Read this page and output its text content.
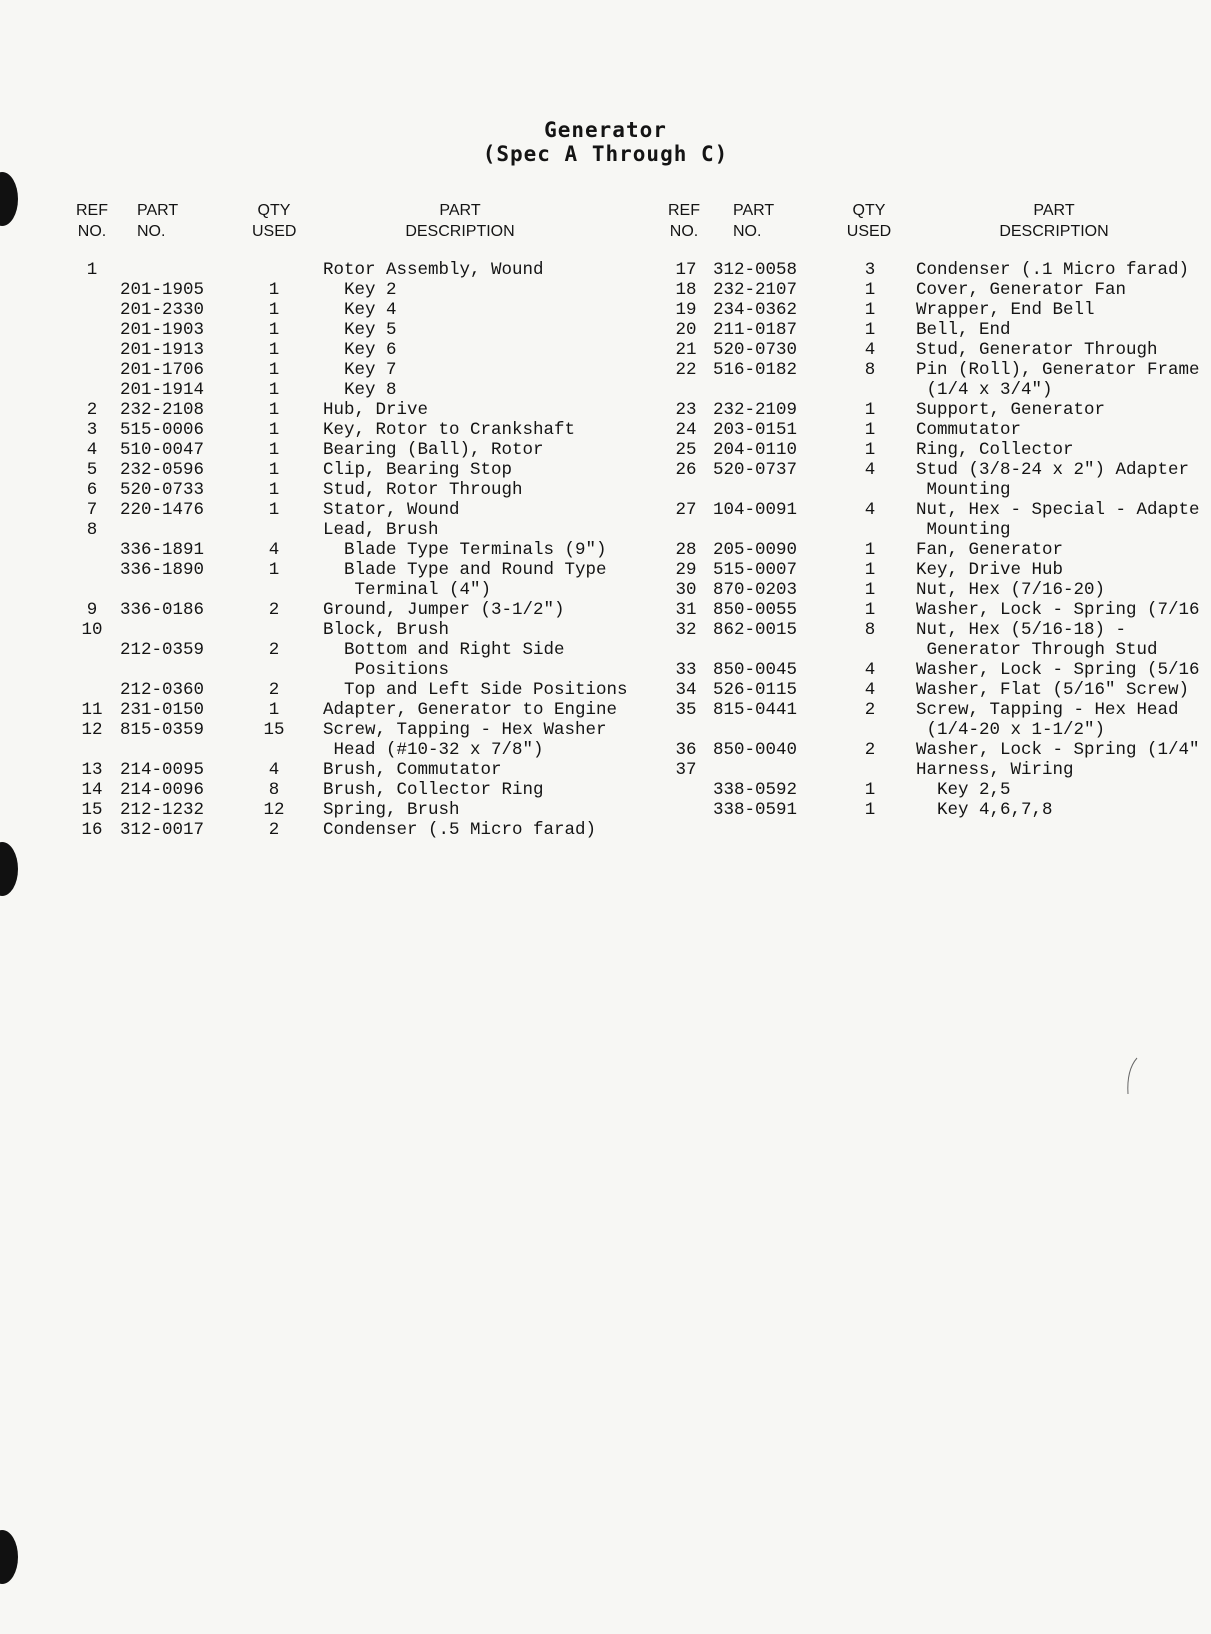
Generator
(Spec A Through C)
REF
NO.
PART
NO.
QTY
USED
PART
DESCRIPTION
REF
NO.
PART
NO.
QTY
USED
PART
DESCRIPTION
1	Rotor Assembly, Wound
201-1905	1	Key 2
201-2330	1	Key 4
201-1903	1	Key 5
201-1913	1	Key 6
201-1706	1	Key 7
201-1914	1	Key 8
2	232-2108	1	Hub, Drive
3	515-0006	1	Key, Rotor to Crankshaft
4	510-0047	1	Bearing (Ball), Rotor
5	232-0596	1	Clip, Bearing Stop
6	520-0733	1	Stud, Rotor Through
7	220-1476	1	Stator, Wound
8	Lead, Brush
336-1891	4	Blade Type Terminals (9")
336-1890	1	Blade Type and Round Type
Terminal (4")
9	336-0186	2	Ground, Jumper (3-1/2")
10	Block, Brush
212-0359	2	Bottom and Right Side
Positions
212-0360	2	Top and Left Side Positions
11	231-0150	1	Adapter, Generator to Engine
12	815-0359	15	Screw, Tapping - Hex Washer
Head (#10-32 x 7/8")
13	214-0095	4	Brush, Commutator
14	214-0096	8	Brush, Collector Ring
15	212-1232	12	Spring, Brush
16	312-0017	2	Condenser (.5 Micro farad)
17 312-0058	3	Condenser (.1 Micro farad)
18 232-2107	1	Cover, Generator Fan
19 234-0362	1	Wrapper, End Bell
20 211-0187	1	Bell, End
21 520-0730	4	Stud, Generator Through
22 516-0182	8	Pin (Roll), Generator Frame
(1/4 x 3/4")
23 232-2109	1	Support, Generator
24 203-0151	1	Commutator
25 204-0110	1	Ring, Collector
26 520-0737	4	Stud (3/8-24 x 2") Adapter
Mounting
27 104-0091	4	Nut, Hex - Special - Adapte
Mounting
28 205-0090	1	Fan, Generator
29 515-0007	1	Key, Drive Hub
30 870-0203	1	Nut, Hex (7/16-20)
31 850-0055	1	Washer, Lock - Spring (7/16
32 862-0015	8	Nut, Hex (5/16-18) -
Generator Through Stud
33 850-0045	4	Washer, Lock - Spring (5/16
34 526-0115	4	Washer, Flat (5/16" Screw)
35 815-0441	2	Screw, Tapping - Hex Head
(1/4-20 x 1-1/2")
36 850-0040	2	Washer, Lock - Spring (1/4"
37	Harness, Wiring
338-0592	1	Key 2,5
338-0591	1	Key 4,6,7,8
